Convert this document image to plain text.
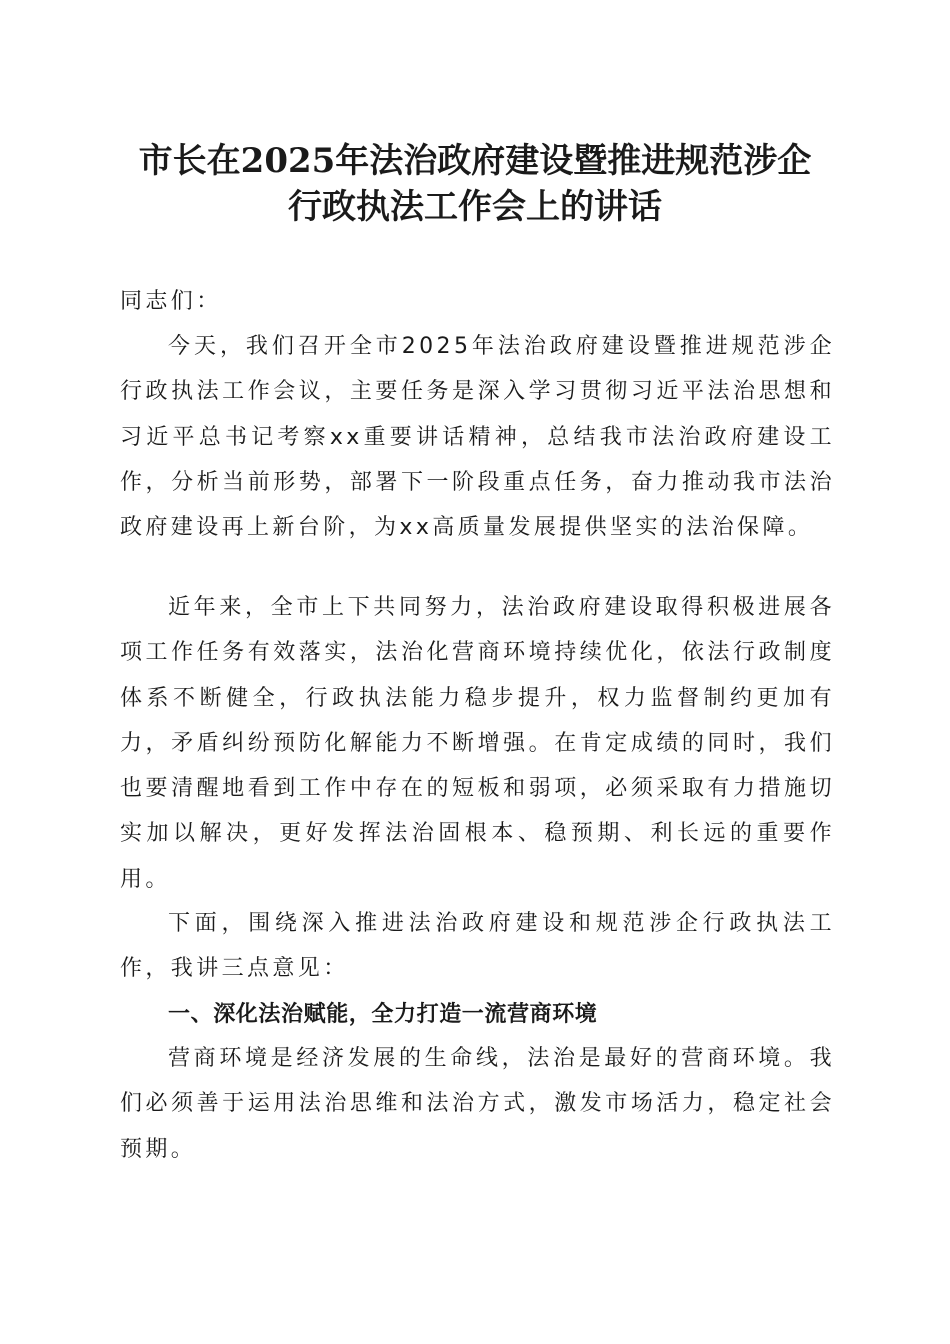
市长在2025年法治政府建设暨推进规范涉企
行政执法工作会上的讲话

同志们：

今天，我们召开全市2025年法治政府建设暨推进规范涉企行政执法工作会议，主要任务是深入学习贯彻习近平法治思想和习近平总书记考察xx重要讲话精神，总结我市法治政府建设工作，分析当前形势，部署下一阶段重点任务，奋力推动我市法治政府建设再上新台阶，为xx高质量发展提供坚实的法治保障。

近年来，全市上下共同努力，法治政府建设取得积极进展各项工作任务有效落实，法治化营商环境持续优化，依法行政制度体系不断健全，行政执法能力稳步提升，权力监督制约更加有力，矛盾纠纷预防化解能力不断增强。在肯定成绩的同时，我们也要清醒地看到工作中存在的短板和弱项，必须采取有力措施切实加以解决，更好发挥法治固根本、稳预期、利长远的重要作用。

下面，围绕深入推进法治政府建设和规范涉企行政执法工作，我讲三点意见：

一、深化法治赋能，全力打造一流营商环境

营商环境是经济发展的生命线，法治是最好的营商环境。我们必须善于运用法治思维和法治方式，激发市场活力，稳定社会预期。
